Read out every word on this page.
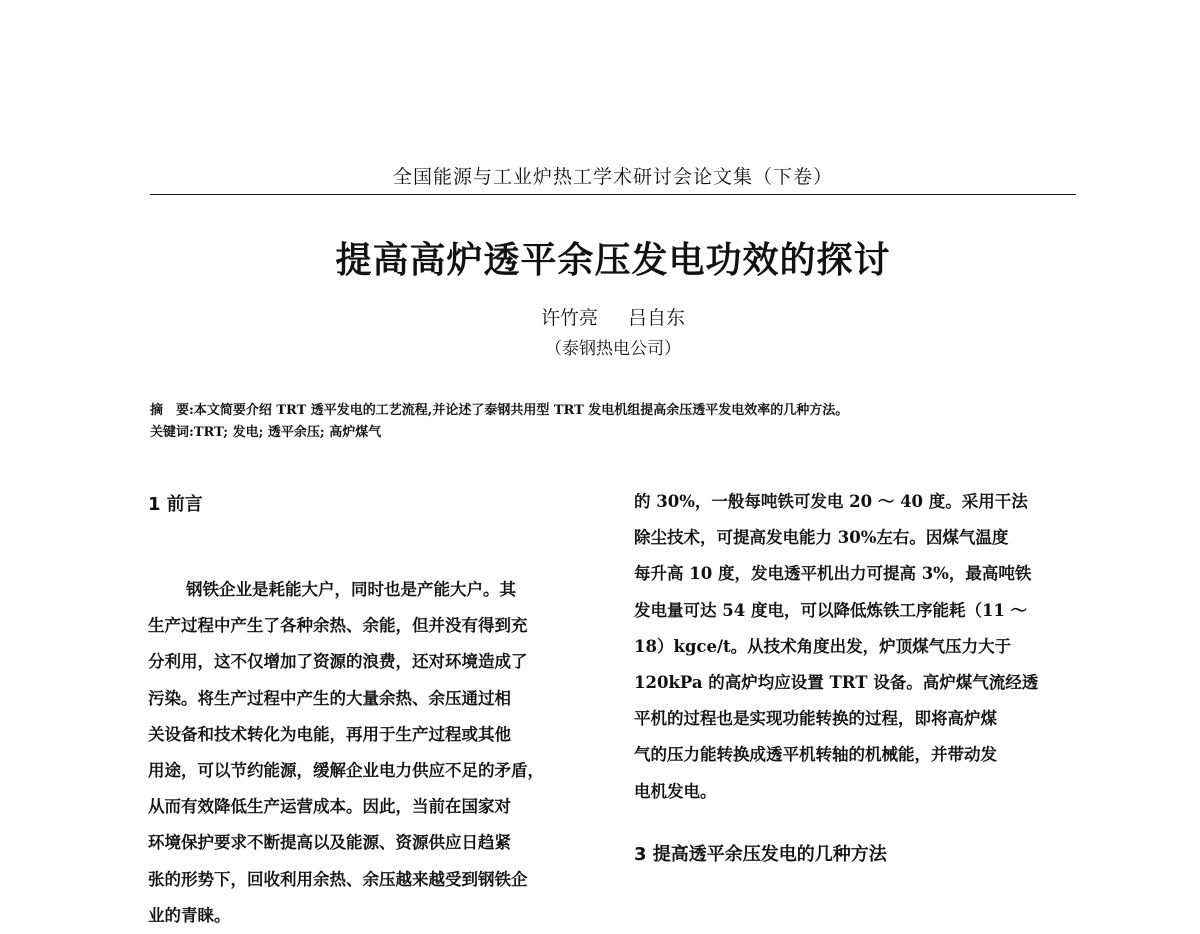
全国能源与工业炉热工学术研讨会论文集（下卷）
提高高炉透平余压发电功效的探讨
许竹亮 吕自东
（泰钢热电公司）
摘　要:本文简要介绍 TRT 透平发电的工艺流程,并论述了泰钢共用型 TRT 发电机组提高余压透平发电效率的几种方法。
关键词:TRT; 发电; 透平余压; 高炉煤气
1 前言
钢铁企业是耗能大户，同时也是产能大户。其
生产过程中产生了各种余热、余能，但并没有得到充
分利用，这不仅增加了资源的浪费，还对环境造成了
污染。将生产过程中产生的大量余热、余压通过相
关设备和技术转化为电能，再用于生产过程或其他
用途，可以节约能源，缓解企业电力供应不足的矛盾，
从而有效降低生产运营成本。因此，当前在国家对
环境保护要求不断提高以及能源、资源供应日趋紧
张的形势下，回收利用余热、余压越来越受到钢铁企
业的青睐。
的 30%，一般每吨铁可发电 20 ～ 40 度。采用干法
除尘技术，可提高发电能力 30%左右。因煤气温度
每升高 10 度，发电透平机出力可提高 3%，最高吨铁
发电量可达 54 度电，可以降低炼铁工序能耗（11 ～
18）kgce/t。从技术角度出发，炉顶煤气压力大于
120kPa 的高炉均应设置 TRT 设备。高炉煤气流经透
平机的过程也是实现功能转换的过程，即将高炉煤
气的压力能转换成透平机转轴的机械能，并带动发
电机发电。
3 提高透平余压发电的几种方法
